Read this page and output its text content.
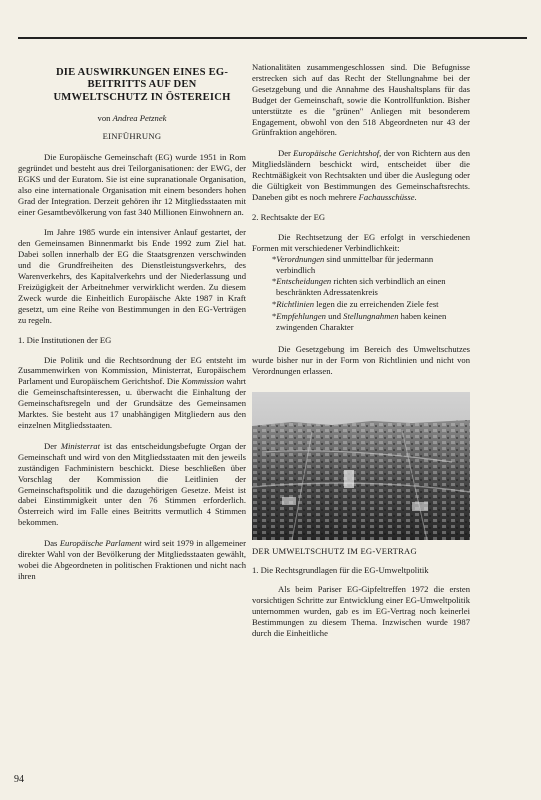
DIE AUSWIRKUNGEN EINES EG-BEITRITTS AUF DEN UMWELTSCHUTZ IN ÖSTEREICH
von Andrea Petznek
EINFÜHRUNG

Die Europäische Gemeinschaft (EG) wurde 1951 in Rom gegründet und besteht aus drei Teilorganisationen: der EWG, der EGKS und der Euratom. Sie ist eine supranationale Organisation, also eine internationale Organisation mit einem besonders hohen Grad der Integration. Derzeit gehören ihr 12 Mitgliedsstaaten mit einer Gesamtbevölkerung von fast 340 Millionen Einwohnern an.

Im Jahre 1985 wurde ein intensiver Anlauf gestartet, der den Gemeinsamen Binnenmarkt bis Ende 1992 zum Ziel hat. Dabei sollen innerhalb der EG die Staatsgrenzen verschwinden und die Grundfreiheiten des Dienstleistungsverkehrs, des Warenverkehrs, des Kapitalverkehrs und der Niederlassung und Freizügigkeit der Arbeitnehmer verwirklicht werden. Zu diesem Zweck wurde die Einheitlich Europäische Akte 1987 in Kraft gesetzt, um eine Reihe von Bestimmungen in den EG-Verträgen zu regeln.

1. Die Institutionen der EG

Die Politik und die Rechtsordnung der EG entsteht im Zusammenwirken von Kommission, Ministerrat, Europäischem Parlament und Europäischem Gerichtshof. Die Kommission wahrt die Gemeinschaftsinteressen, u. überwacht die Einhaltung der Gemeinschaftsregeln und der Grundsätze des Gemeinsamen Marktes. Sie besteht aus 17 unabhängigen Mitgliedern aus den einzelnen Mitgliedsstaaten.

Der Ministerrat ist das entscheidungsbefugte Organ der Gemeinschaft und wird von den Mitgliedsstaaten mit den jeweils zuständigen Fachministern beschickt. Diese beschließen über Vorschlag der Kommission die Leitlinien der Gemeinschaftspolitik und die dazugehörigen Gesetze. Meist ist dabei Einstimmigkeit unter den 76 Stimmen erforderlich. Österreich wird im Falle eines Beitritts vermutlich 4 Stimmen bekommen.

Das Europäische Parlament wird seit 1979 in allgemeiner direkter Wahl von der Bevölkerung der Mitgliedsstaaten gewählt, wobei die Abgeordneten in politischen Fraktionen und nicht nach ihren

Nationalitäten zusammengeschlossen sind. Die Befugnisse erstrecken sich auf das Recht der Stellungnahme bei der Gesetzgebung und die Annahme des Haushaltsplans für das Budget der Gemeinschaft, sowie die Kontrollfunktion. Bisher unterstützte es die "grünen" Anliegen mit besonderem Engagement, obwohl von den 518 Abgeordneten nur 43 der Grünfraktion angehören.

Der Europäische Gerichtshof, der von Richtern aus den Mitgliedsländern beschickt wird, entscheidet über die Rechtmäßigkeit von Rechtsakten und über die Auslegung oder die Gültigkeit von Bestimmungen des Gemeinschaftsrechts. Daneben gibt es noch mehrere Fachausschüsse.

2. Rechtsakte der EG

Die Rechtsetzung der EG erfolgt in verschiedenen Formen mit verschiedener Verbindlichkeit:

*Verordnungen sind unmittelbar für jedermann verbindlich
*Entscheidungen richten sich verbindlich an einen beschränkten Adressatenkreis
*Richtlinien legen die zu erreichenden Ziele fest
*Empfehlungen und Stellungnahmen haben keinen zwingenden Charakter

Die Gesetzgebung im Bereich des Umweltschutzes wurde bisher nur in der Form von Richtlinien und nicht von Verordnungen erlassen.

DER UMWELTSCHUTZ IM EG-VERTRAG
1. Die Rechtsgrundlagen für die EG-Umweltpolitik

Als beim Pariser EG-Gipfeltreffen 1972 die ersten vorsichtigen Schritte zur Entwicklung einer EG-Umweltpolitik unternommen wurden, gab es im EG-Vertrag noch keinerlei Bestimmungen zu diesem Thema. Inzwischen wurde 1987 durch die Einheitliche

94
